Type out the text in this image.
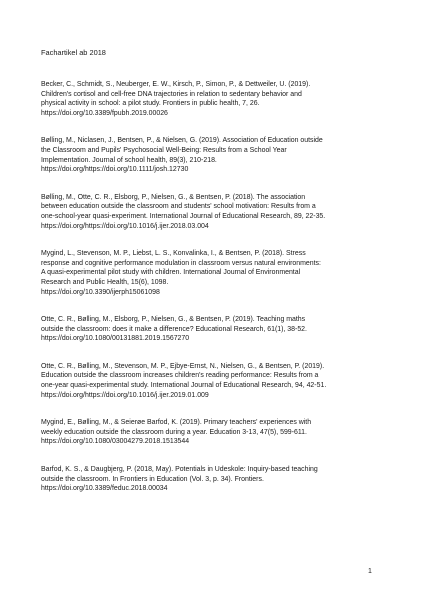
Fachartikel ab 2018
Becker, C., Schmidt, S., Neuberger, E. W., Kirsch, P., Simon, P., & Dettweiler, U. (2019).
Children's cortisol and cell-free DNA trajectories in relation to sedentary behavior and
physical activity in school: a pilot study. Frontiers in public health, 7, 26.
https://doi.org/10.3389/fpubh.2019.00026
Bølling, M., Niclasen, J., Bentsen, P., & Nielsen, G. (2019). Association of Education outside
the Classroom and Pupils' Psychosocial Well-Being: Results from a School Year
Implementation. Journal of school health, 89(3), 210-218.
https://doi.org/https://doi.org/10.1111/josh.12730
Bølling, M., Otte, C. R., Elsborg, P., Nielsen, G., & Bentsen, P. (2018). The association
between education outside the classroom and students' school motivation: Results from a
one-school-year quasi-experiment. International Journal of Educational Research, 89, 22-35.
https://doi.org/https://doi.org/10.1016/j.ijer.2018.03.004
Mygind, L., Stevenson, M. P., Liebst, L. S., Konvalinka, I., & Bentsen, P. (2018). Stress
response and cognitive performance modulation in classroom versus natural environments:
A quasi-experimental pilot study with children. International Journal of Environmental
Research and Public Health, 15(6), 1098.
https://doi.org/10.3390/ijerph15061098
Otte, C. R., Bølling, M., Elsborg, P., Nielsen, G., & Bentsen, P. (2019). Teaching maths
outside the classroom: does it make a difference? Educational Research, 61(1), 38-52.
https://doi.org/10.1080/00131881.2019.1567270
Otte, C. R., Bølling, M., Stevenson, M. P., Ejbye-Ernst, N., Nielsen, G., & Bentsen, P. (2019).
Education outside the classroom increases children's reading performance: Results from a
one-year quasi-experimental study. International Journal of Educational Research, 94, 42-51.
https://doi.org/https://doi.org/10.1016/j.ijer.2019.01.009
Mygind, E., Bølling, M., & Seierøe Barfod, K. (2019). Primary teachers' experiences with
weekly education outside the classroom during a year. Education 3-13, 47(5), 599-611.
https://doi.org/10.1080/03004279.2018.1513544
Barfod, K. S., & Daugbjerg, P. (2018, May). Potentials in Udeskole: Inquiry-based teaching
outside the classroom. In Frontiers in Education (Vol. 3, p. 34). Frontiers.
https://doi.org/10.3389/feduc.2018.00034
1
